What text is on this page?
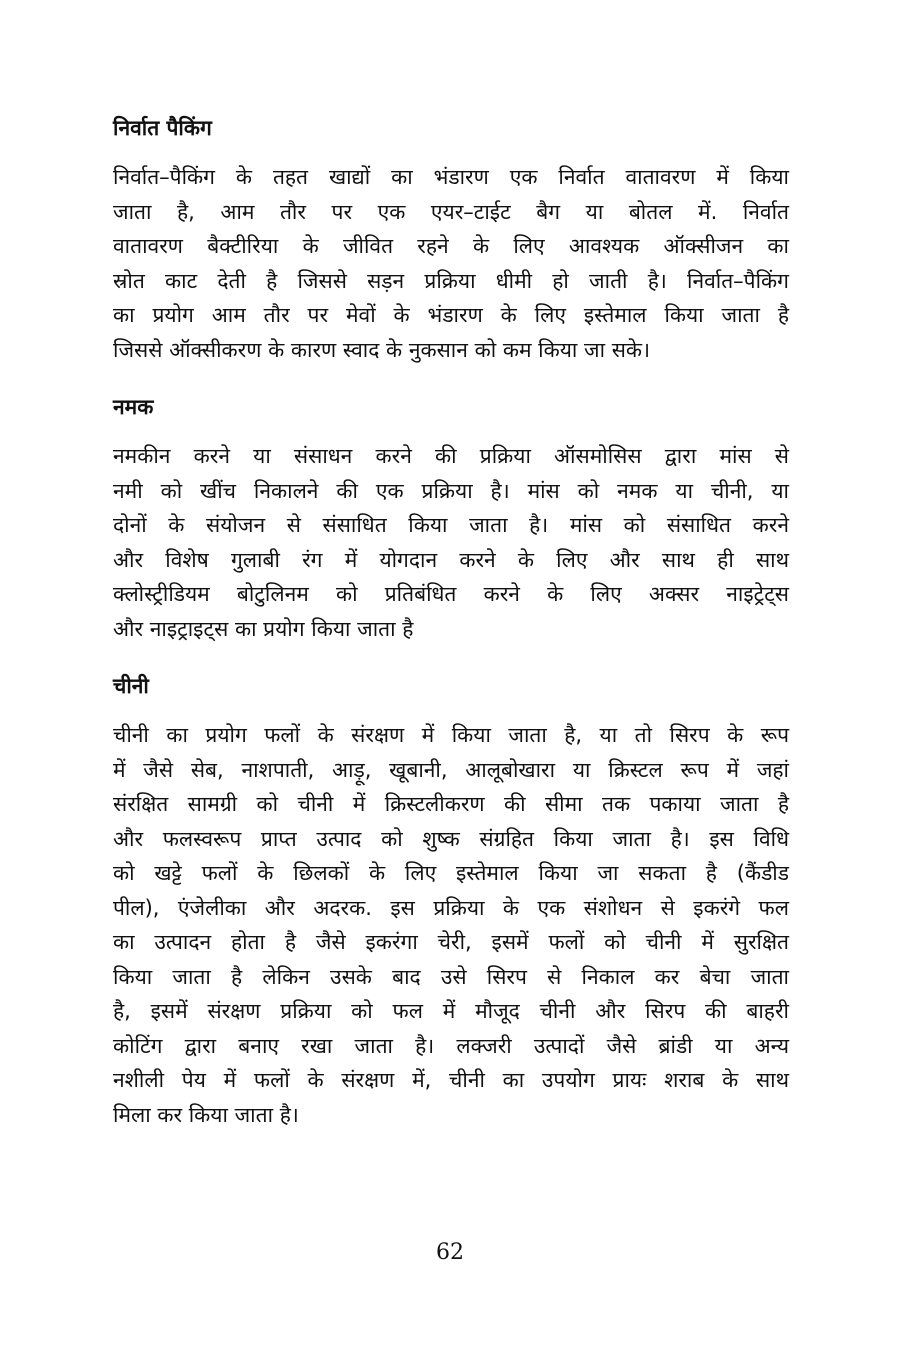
निर्वात पैकिंग
निर्वात–पैकिंग के तहत खाद्यों का भंडारण एक निर्वात वातावरण में किया
जाता है, आम तौर पर एक एयर–टाईट बैग या बोतल में. निर्वात
वातावरण बैक्टीरिया के जीवित रहने के लिए आवश्यक ऑक्सीजन का
स्रोत काट देती है जिससे सड़न प्रक्रिया धीमी हो जाती है। निर्वात–पैकिंग
का प्रयोग आम तौर पर मेवों के भंडारण के लिए इस्तेमाल किया जाता है
जिससे ऑक्सीकरण के कारण स्वाद के नुकसान को कम किया जा सके।
नमक
नमकीन करने या संसाधन करने की प्रक्रिया ऑसमोसिस द्वारा मांस से
नमी को खींच निकालने की एक प्रक्रिया है। मांस को नमक या चीनी, या
दोनों के संयोजन से संसाधित किया जाता है। मांस को संसाधित करने
और विशेष गुलाबी रंग में योगदान करने के लिए और साथ ही साथ
क्लोस्ट्रीडियम बोटुलिनम को प्रतिबंधित करने के लिए अक्सर नाइट्रेट्स
और नाइट्राइट्स का प्रयोग किया जाता है
चीनी
चीनी का प्रयोग फलों के संरक्षण में किया जाता है, या तो सिरप के रूप
में जैसे सेब, नाशपाती, आड़ू, खूबानी, आलूबोखारा या क्रिस्टल रूप में जहां
संरक्षित सामग्री को चीनी में क्रिस्टलीकरण की सीमा तक पकाया जाता है
और फलस्वरूप प्राप्त उत्पाद को शुष्क संग्रहित किया जाता है। इस विधि
को खट्टे फलों के छिलकों के लिए इस्तेमाल किया जा सकता है (कैंडीड
पील), एंजेलीका और अदरक. इस प्रक्रिया के एक संशोधन से इकरंगे फल
का उत्पादन होता है जैसे इकरंगा चेरी, इसमें फलों को चीनी में सुरक्षित
किया जाता है लेकिन उसके बाद उसे सिरप से निकाल कर बेचा जाता
है, इसमें संरक्षण प्रक्रिया को फल में मौजूद चीनी और सिरप की बाहरी
कोटिंग द्वारा बनाए रखा जाता है। लक्जरी उत्पादों जैसे ब्रांडी या अन्य
नशीली पेय में फलों के संरक्षण में, चीनी का उपयोग प्रायः शराब के साथ
मिला कर किया जाता है।
62
